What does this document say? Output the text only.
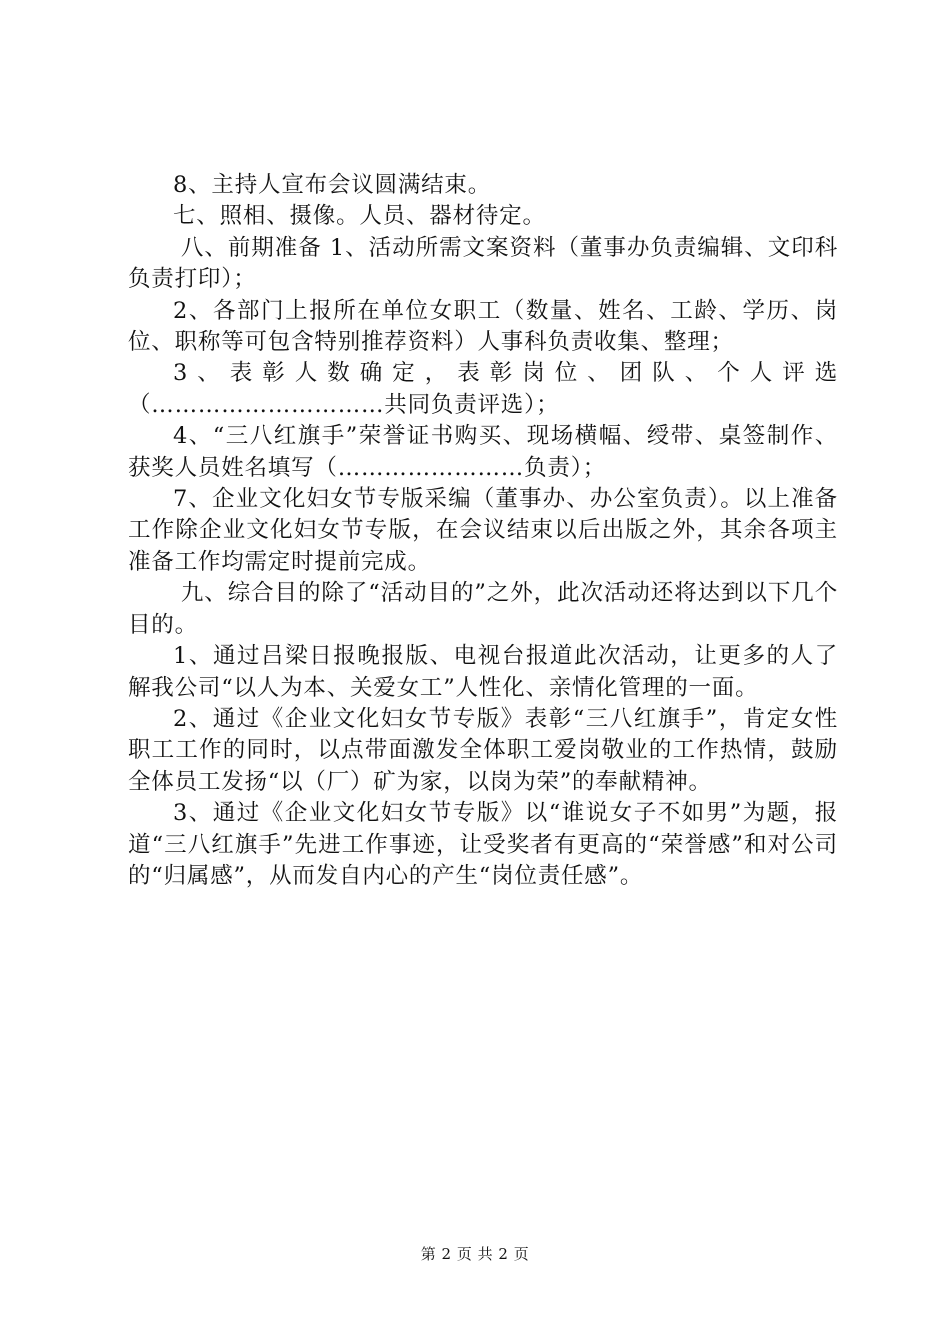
8、主持人宣布会议圆满结束。

七、照相、摄像。人员、器材待定。

八、前期准备 1、活动所需文案资料（董事办负责编辑、文印科负责打印）；

2、各部门上报所在单位女职工（数量、姓名、工龄、学历、岗位、职称等可包含特别推荐资料）人事科负责收集、整理；

3、表彰人数确定，表彰岗位、团队、个人评选（…………………………共同负责评选）；

4、“三八红旗手”荣誉证书购买、现场横幅、绶带、桌签制作、获奖人员姓名填写（……………………负责）；

7、企业文化妇女节专版采编（董事办、办公室负责）。以上准备工作除企业文化妇女节专版，在会议结束以后出版之外，其余各项主准备工作均需定时提前完成。

九、综合目的除了“活动目的”之外，此次活动还将达到以下几个目的。

1、通过吕梁日报晚报版、电视台报道此次活动，让更多的人了解我公司“以人为本、关爱女工”人性化、亲情化管理的一面。

2、通过《企业文化妇女节专版》表彰“三八红旗手”，肯定女性职工工作的同时，以点带面激发全体职工爱岗敬业的工作热情，鼓励全体员工发扬“以（厂）矿为家，以岗为荣”的奉献精神。

3、通过《企业文化妇女节专版》以“谁说女子不如男”为题，报道“三八红旗手”先进工作事迹，让受奖者有更高的“荣誉感”和对公司的“归属感”，从而发自内心的产生“岗位责任感”。

第 2 页 共 2 页
